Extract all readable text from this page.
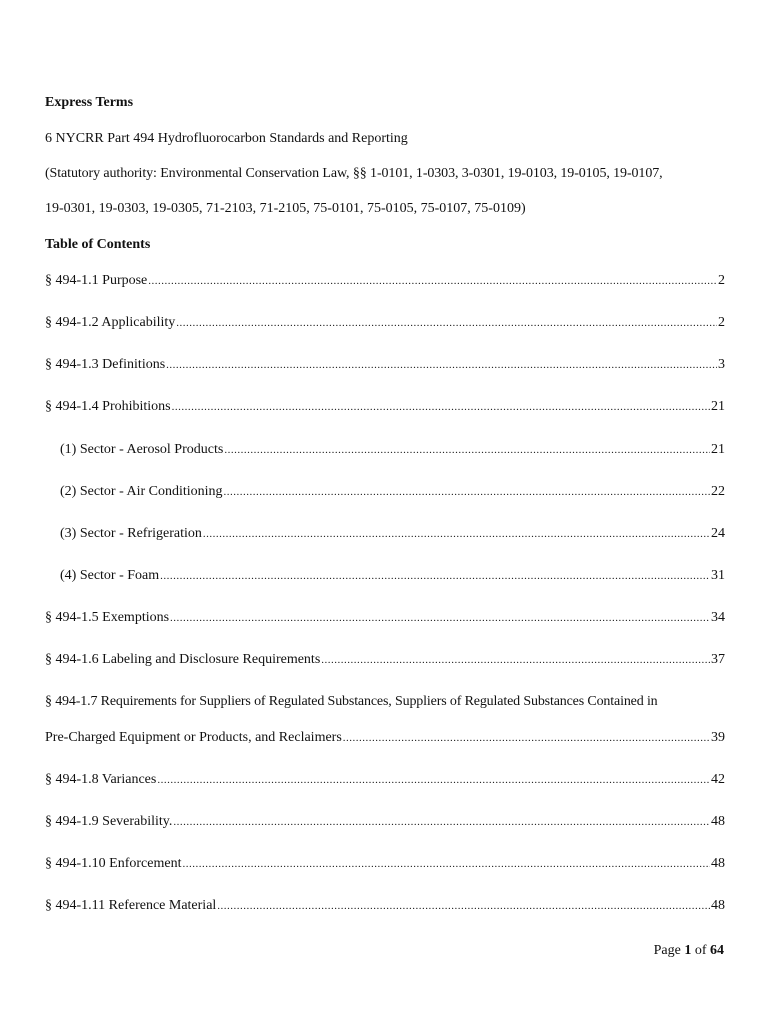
Express Terms
6 NYCRR Part 494 Hydrofluorocarbon Standards and Reporting
(Statutory authority: Environmental Conservation Law, §§ 1-0101, 1-0303, 3-0301, 19-0103, 19-0105, 19-0107,
19-0301, 19-0303, 19-0305, 71-2103, 71-2105, 75-0101, 75-0105, 75-0107, 75-0109)
Table of Contents
§ 494-1.1 Purpose .....	2
§ 494-1.2 Applicability .....	2
§ 494-1.3 Definitions .....	3
§ 494-1.4 Prohibitions .....	21
(1) Sector - Aerosol Products .....	21
(2) Sector - Air Conditioning .....	22
(3) Sector - Refrigeration .....	24
(4) Sector - Foam .....	31
§ 494-1.5 Exemptions .....	34
§ 494-1.6 Labeling and Disclosure Requirements .....	37
§ 494-1.7 Requirements for Suppliers of Regulated Substances, Suppliers of Regulated Substances Contained in
Pre-Charged Equipment or Products, and Reclaimers .....	39
§ 494-1.8 Variances .....	42
§ 494-1.9 Severability. .....	48
§ 494-1.10 Enforcement .....	48
§ 494-1.11 Reference Material .....	48
Page 1 of 64
